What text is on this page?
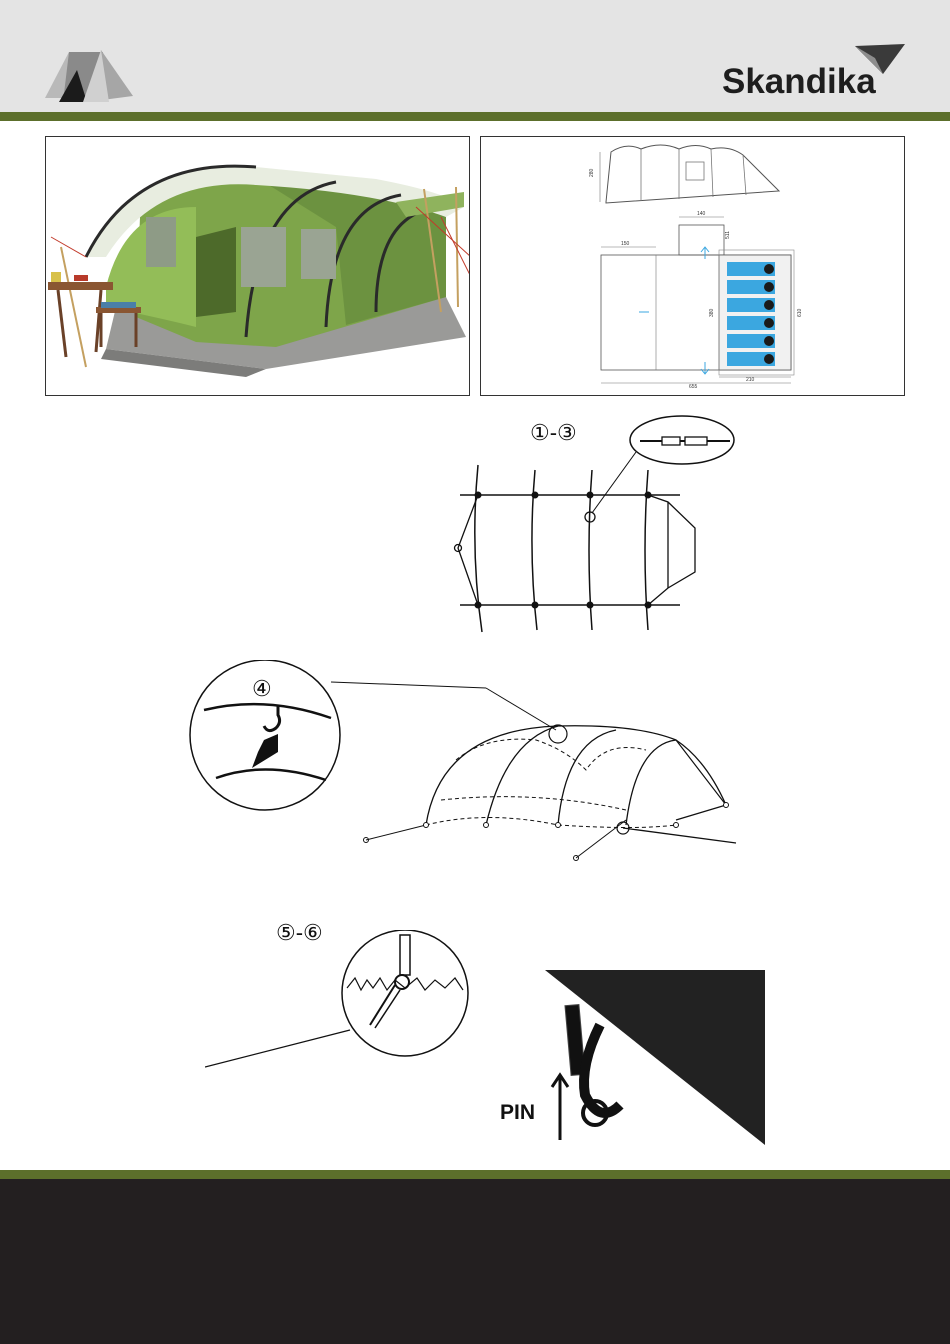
Skandika
280
140
511
150
380	610
210
655
①-③
④
⑤-⑥
PIN
